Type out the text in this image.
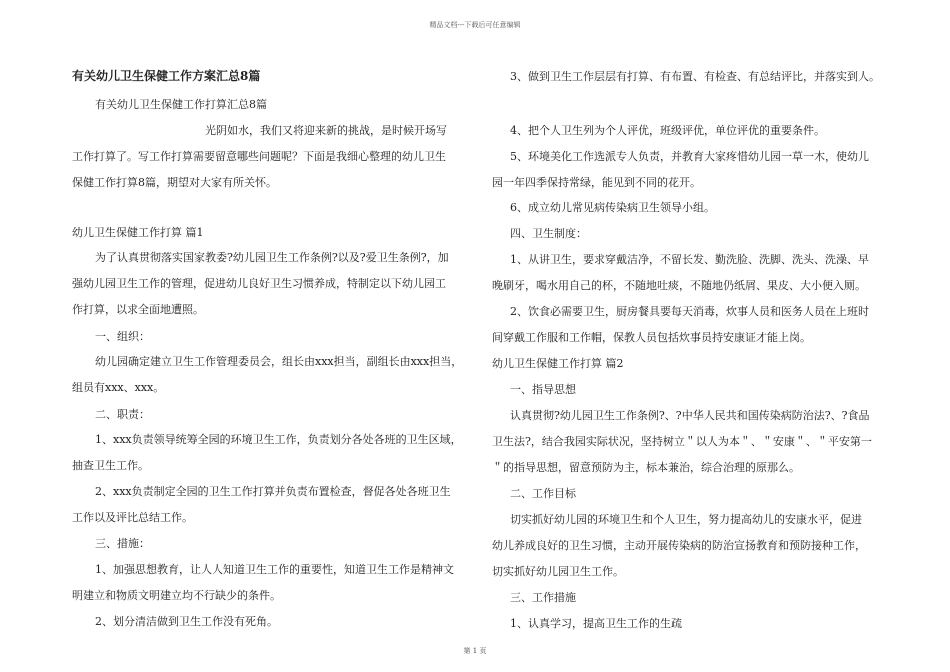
精品文档---下载后可任意编辑
有关幼儿卫生保健工作方案汇总8篇
有关幼儿卫生保健工作打算汇总8篇
光阴如水，我们又将迎来新的挑战，是时候开场写
工作打算了。写工作打算需要留意哪些问题呢？下面是我细心整理的幼儿卫生
保健工作打算8篇，期望对大家有所关怀。
幼儿卫生保健工作打算 篇1
为了认真贯彻落实国家教委?幼儿园卫生工作条例?以及?爱卫生条例?，加
强幼儿园卫生工作的管理，促进幼儿良好卫生习惯养成，特制定以下幼儿园工
作打算，以求全面地遭照。
一、组织：
幼儿园确定建立卫生工作管理委员会，组长由xxx担当，副组长由xxx担当，
组员有xxx、xxx。
二、职责：
1、xxx负责领导统筹全园的环境卫生工作，负责划分各处各班的卫生区域，
抽查卫生工作。
2、xxx负责制定全园的卫生工作打算并负责布置检查，督促各处各班卫生
工作以及评比总结工作。
三、措施：
1、加强思想教育，让人人知道卫生工作的重要性，知道卫生工作是精神文
明建立和物质文明建立均不行缺少的条件。
2、划分清洁做到卫生工作没有死角。
3、做到卫生工作层层有打算、有布置、有检查、有总结评比，并落实到人。
4、把个人卫生列为个人评优，班级评优，单位评优的重要条件。
5、环境美化工作选派专人负责，并教育大家疼惜幼儿园一草一木，使幼儿
园一年四季保持常绿，能见到不同的花开。
6、成立幼儿常见病传染病卫生领导小组。
四、卫生制度：
1、从讲卫生，要求穿戴洁净，不留长发、勤洗脸、洗脚、洗头、洗澡、早
晚刷牙，喝水用自己的杯，不随地吐痰，不随地仍纸屑、果皮、大小便入厕。
2、饮食必需要卫生，厨房餐具要每天消毒，炊事人员和医务人员在上班时
间穿戴工作服和工作帽，保教人员包括炊事员持安康证才能上岗。
幼儿卫生保健工作打算 篇2
一、指导思想
认真贯彻?幼儿园卫生工作条例?、?中华人民共和国传染病防治法?、?食品
卫生法?，结合我园实际状况，坚持树立＂以人为本＂、＂安康＂、＂平安第一
＂的指导思想，留意预防为主，标本兼治，综合治理的原那么。
二、工作目标
切实抓好幼儿园的环境卫生和个人卫生，努力提高幼儿的安康水平，促进
幼儿养成良好的卫生习惯，主动开展传染病的防治宣扬教育和预防接种工作，
切实抓好幼儿园卫生工作。
三、工作措施
1、认真学习，提高卫生工作的生疏
第 1 页
